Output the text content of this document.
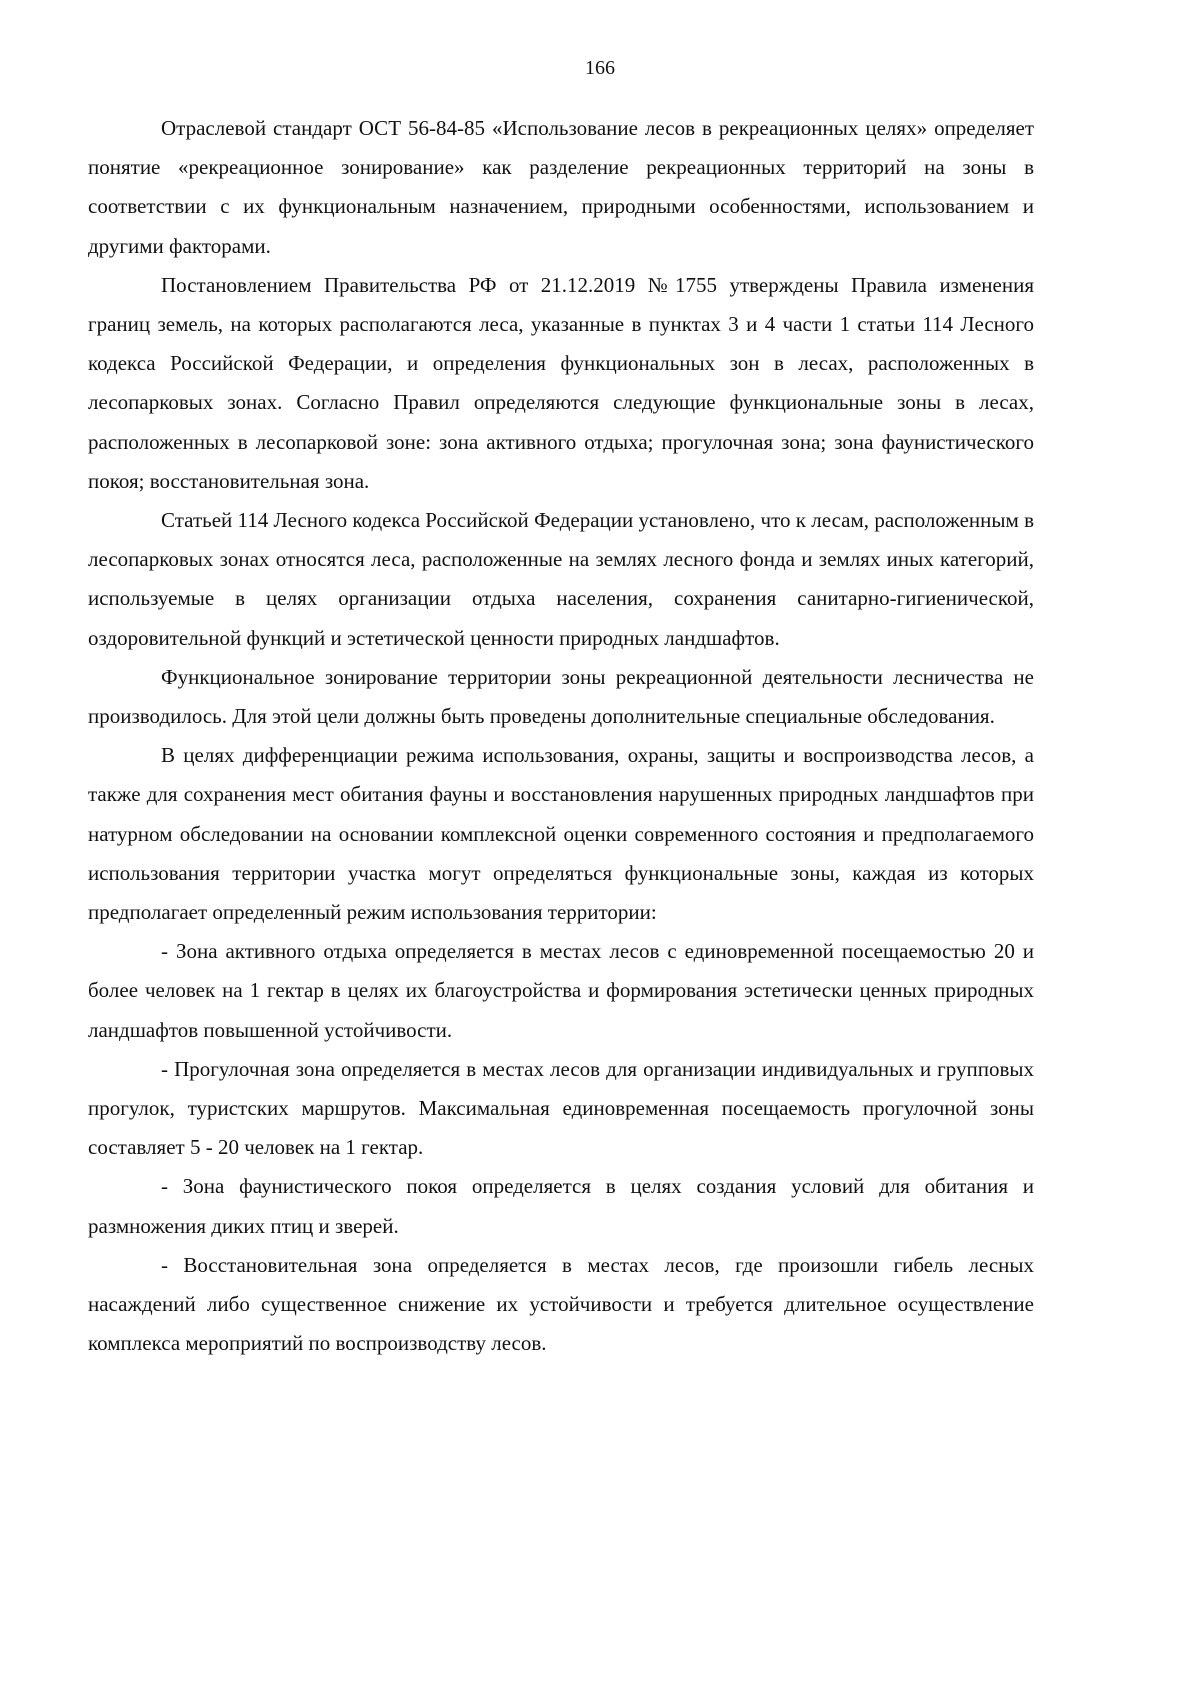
166

Отраслевой стандарт ОСТ 56-84-85 «Использование лесов в рекреационных целях» определяет понятие «рекреационное зонирование» как разделение рекреационных территорий на зоны в соответствии с их функциональным назначением, природными особенностями, использованием и другими факторами.

Постановлением Правительства РФ от 21.12.2019 №1755 утверждены Правила изменения границ земель, на которых располагаются леса, указанные в пунктах 3 и 4 части 1 статьи 114 Лесного кодекса Российской Федерации, и определения функциональных зон в лесах, расположенных в лесопарковых зонах. Согласно Правил определяются следующие функциональные зоны в лесах, расположенных в лесопарковой зоне: зона активного отдыха; прогулочная зона; зона фаунистического покоя; восстановительная зона.

Статьей 114 Лесного кодекса Российской Федерации установлено, что к лесам, расположенным в лесопарковых зонах относятся леса, расположенные на землях лесного фонда и землях иных категорий, используемые в целях организации отдыха населения, сохранения санитарно-гигиенической, оздоровительной функций и эстетической ценности природных ландшафтов.

Функциональное зонирование территории зоны рекреационной деятельности лесничества не производилось. Для этой цели должны быть проведены дополнительные специальные обследования.

В целях дифференциации режима использования, охраны, защиты и воспроизводства лесов, а также для сохранения мест обитания фауны и восстановления нарушенных природных ландшафтов при натурном обследовании на основании комплексной оценки современного состояния и предполагаемого использования территории участка могут определяться функциональные зоны, каждая из которых предполагает определенный режим использования территории:

- Зона активного отдыха определяется в местах лесов с единовременной посещаемостью 20 и более человек на 1 гектар в целях их благоустройства и формирования эстетически ценных природных ландшафтов повышенной устойчивости.

- Прогулочная зона определяется в местах лесов для организации индивидуальных и групповых прогулок, туристских маршрутов. Максимальная единовременная посещаемость прогулочной зоны составляет 5 - 20 человек на 1 гектар.

- Зона фаунистического покоя определяется в целях создания условий для обитания и размножения диких птиц и зверей.

- Восстановительная зона определяется в местах лесов, где произошли гибель лесных насаждений либо существенное снижение их устойчивости и требуется длительное осуществление комплекса мероприятий по воспроизводству лесов.
